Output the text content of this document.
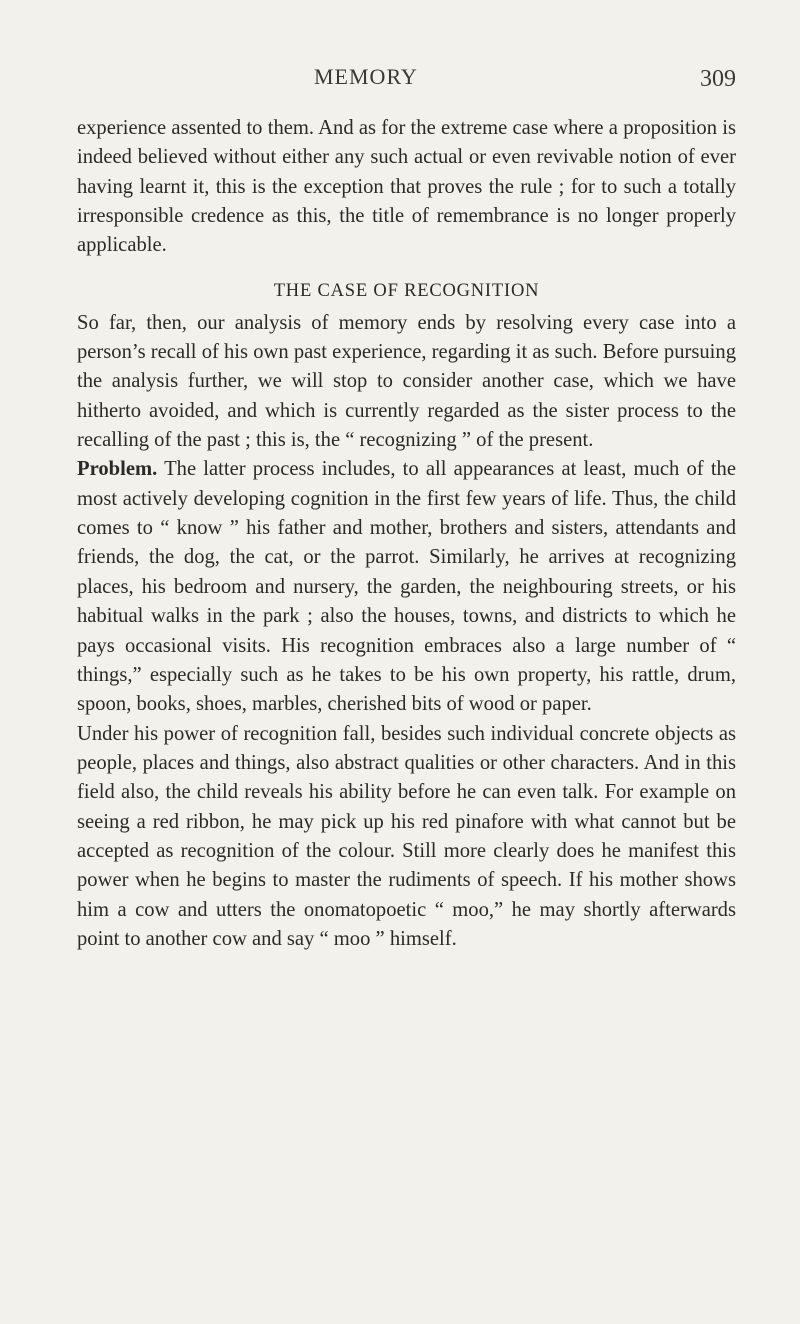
MEMORY	309

experience assented to them. And as for the extreme case where a proposition is indeed believed without either any such actual or even revivable notion of ever having learnt it, this is the exception that proves the rule ; for to such a totally irresponsible credence as this, the title of remembrance is no longer properly applicable.

THE CASE OF RECOGNITION

So far, then, our analysis of memory ends by resolving every case into a person’s recall of his own past experience, regarding it as such. Before pursuing the analysis further, we will stop to consider another case, which we have hitherto avoided, and which is currently regarded as the sister process to the recalling of the past ; this is, the “ recognizing ” of the present.

Problem. The latter process includes, to all appearances at least, much of the most actively developing cognition in the first few years of life. Thus, the child comes to “ know ” his father and mother, brothers and sisters, attendants and friends, the dog, the cat, or the parrot. Similarly, he arrives at recognizing places, his bedroom and nursery, the garden, the neighbouring streets, or his habitual walks in the park ; also the houses, towns, and districts to which he pays occasional visits. His recognition embraces also a large number of “ things,” especially such as he takes to be his own property, his rattle, drum, spoon, books, shoes, marbles, cherished bits of wood or paper.

Under his power of recognition fall, besides such individual concrete objects as people, places and things, also abstract qualities or other characters. And in this field also, the child reveals his ability before he can even talk. For example on seeing a red ribbon, he may pick up his red pinafore with what cannot but be accepted as recognition of the colour. Still more clearly does he manifest this power when he begins to master the rudiments of speech. If his mother shows him a cow and utters the onomatopoetic “ moo,” he may shortly afterwards point to another cow and say “ moo ” himself.
